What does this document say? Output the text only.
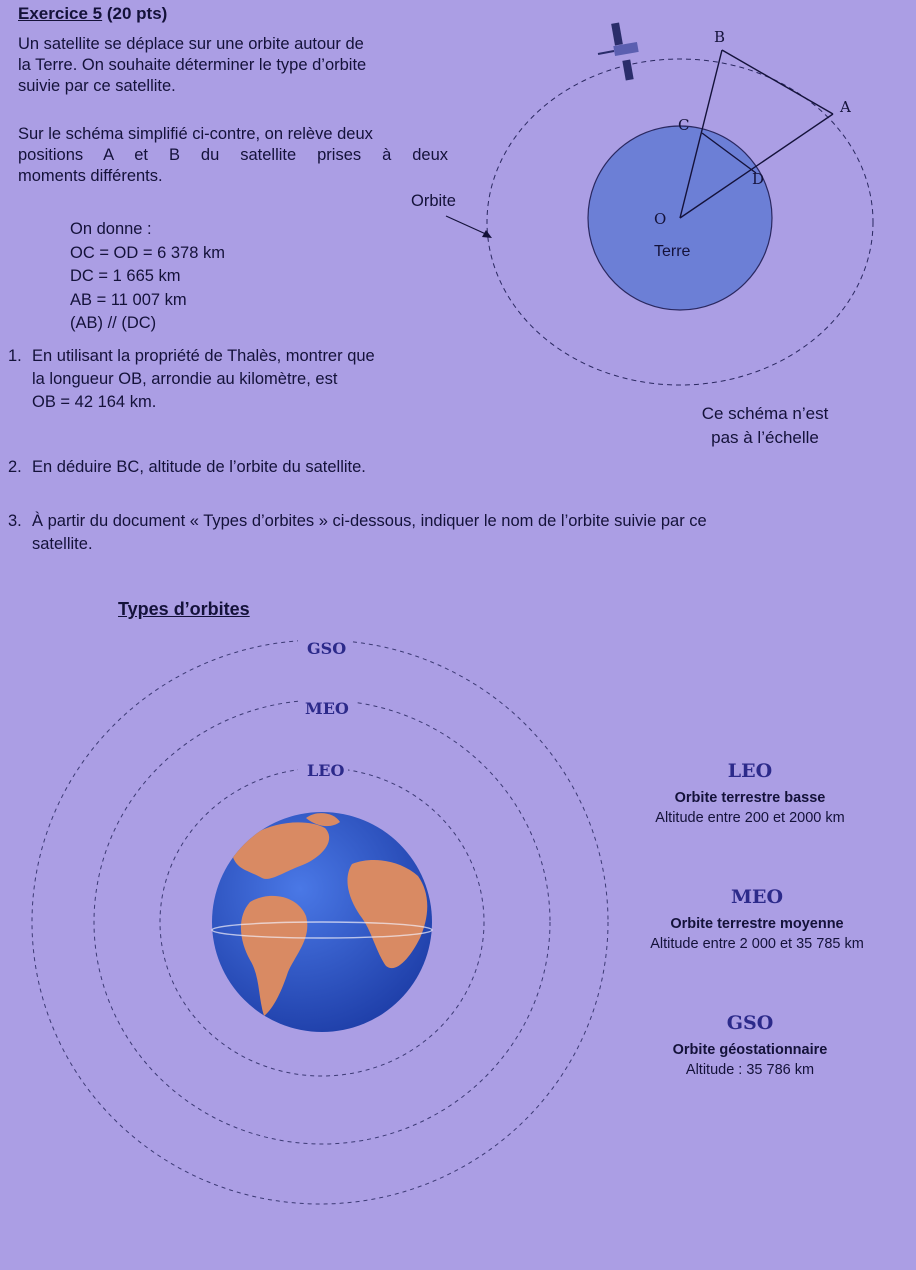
Exercice 5 (20 pts)
Un satellite se déplace sur une orbite autour de
la Terre. On souhaite déterminer le type d’orbite
suivie par ce satellite.
Sur le schéma simplifié ci-contre, on relève deux
positions A et B du satellite prises à deux
moments différents.
On donne :
OC = OD = 6 378 km
DC = 1 665 km
AB = 11 007 km
(AB) // (DC)
B
A
C
D
O
Terre
Orbite
Ce schéma n’est
pas à l’échelle
1. En utilisant la propriété de Thalès, montrer que
la longueur OB, arrondie au kilomètre, est
OB = 42 164 km.
2. En déduire BC, altitude de l’orbite du satellite.
3. À partir du document « Types d’orbites » ci-dessous, indiquer le nom de l’orbite suivie par ce
satellite.
Types d’orbites
GSO
MEO
LEO	LEO
Orbite terrestre basse
Altitude entre 200 et 2000 km
MEO
Orbite terrestre moyenne
Altitude entre 2 000 et 35 785 km
GSO
Orbite géostationnaire
Altitude : 35 786 km
